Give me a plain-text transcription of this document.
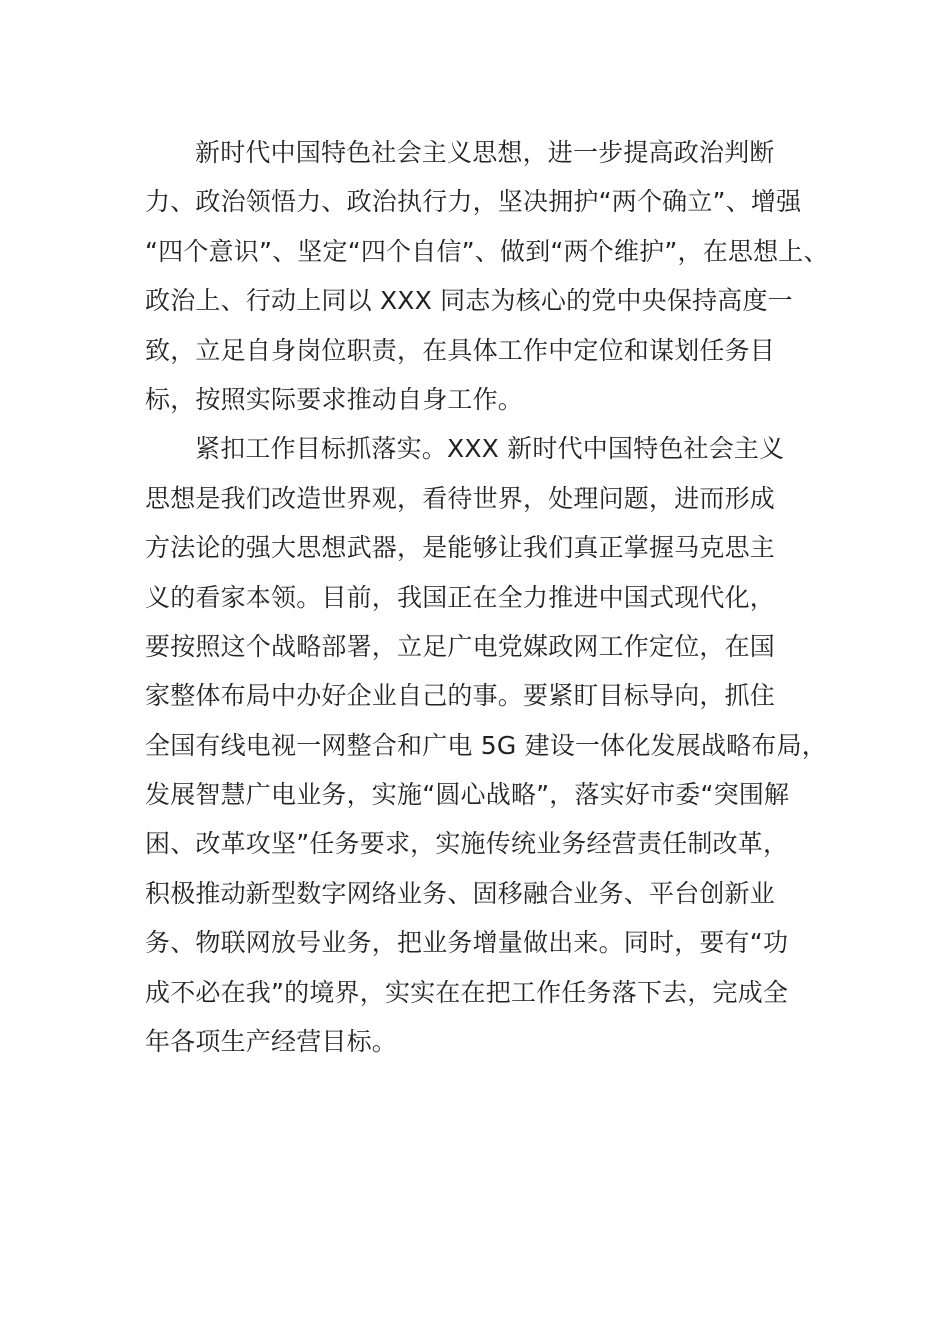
新时代中国特色社会主义思想，进一步提高政治判断
力、政治领悟力、政治执行力，坚决拥护“两个确立”、增强
“四个意识”、坚定“四个自信”、做到“两个维护”，在思想上、
政治上、行动上同以 XXX 同志为核心的党中央保持高度一
致，立足自身岗位职责，在具体工作中定位和谋划任务目
标，按照实际要求推动自身工作。
紧扣工作目标抓落实。XXX 新时代中国特色社会主义
思想是我们改造世界观，看待世界，处理问题，进而形成
方法论的强大思想武器，是能够让我们真正掌握马克思主
义的看家本领。目前，我国正在全力推进中国式现代化，
要按照这个战略部署，立足广电党媒政网工作定位，在国
家整体布局中办好企业自己的事。要紧盯目标导向，抓住
全国有线电视一网整合和广电 5G 建设一体化发展战略布局，
发展智慧广电业务，实施“圆心战略”，落实好市委“突围解
困、改革攻坚”任务要求，实施传统业务经营责任制改革，
积极推动新型数字网络业务、固移融合业务、平台创新业
务、物联网放号业务，把业务增量做出来。同时，要有“功
成不必在我”的境界，实实在在把工作任务落下去，完成全
年各项生产经营目标。
